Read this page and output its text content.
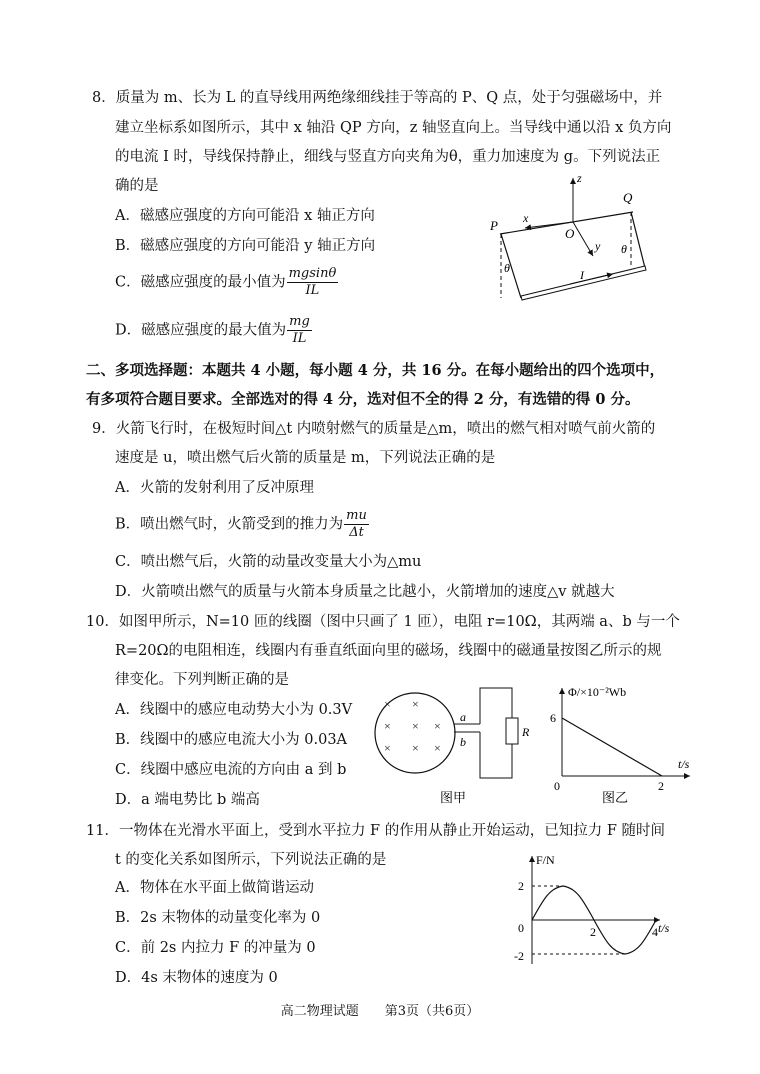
8．质量为 m、长为 L 的直导线用两绝缘细线挂于等高的 P、Q 点，处于匀强磁场中，并
建立坐标系如图所示，其中 x 轴沿 QP 方向，z 轴竖直向上。当导线中通以沿 x 负方向
的电流 I 时，导线保持静止，细线与竖直方向夹角为θ，重力加速度为 g。下列说法正
确的是
A．磁感应强度的方向可能沿 x 轴正方向
B．磁感应强度的方向可能沿 y 轴正方向
C．磁感应强度的最小值为 $\frac{mgsin\theta}{IL}$
D．磁感应强度的最大值为 $\frac{mg}{IL}$
z
x
y
O
P
Q
I
θ
θ
二、多项选择题：本题共 4 小题，每小题 4 分，共 16 分。在每小题给出的四个选项中，
有多项符合题目要求。全部选对的得 4 分，选对但不全的得 2 分，有选错的得 0 分。
9．火箭飞行时，在极短时间△t 内喷射燃气的质量是△m，喷出的燃气相对喷气前火箭的
速度是 u，喷出燃气后火箭的质量是 m，下列说法正确的是
A．火箭的发射利用了反冲原理
B．喷出燃气时，火箭受到的推力为 $\frac{mu}{\Delta t}$
C．喷出燃气后，火箭的动量改变量大小为△mu
D．火箭喷出燃气的质量与火箭本身质量之比越小，火箭增加的速度△v 就越大
10．如图甲所示，N=10 匝的线圈（图中只画了 1 匝），电阻 r=10Ω，其两端 a、b 与一个
R=20Ω的电阻相连，线圈内有垂直纸面向里的磁场，线圈中的磁通量按图乙所示的规
律变化。下列判断正确的是
A．线圈中的感应电动势大小为 0.3V
B．线圈中的感应电流大小为 0.03A
C．线圈中感应电流的方向由 a 到 b
D．a 端电势比 b 端高
× ×
× × ×
× × ×
a
b
R
图甲
Φ/×10⁻²Wb
t/s
6
0	2
图乙
11．一物体在光滑水平面上，受到水平拉力 F 的作用从静止开始运动，已知拉力 F 随时间
t 的变化关系如图所示，下列说法正确的是
A．物体在水平面上做简谐运动
B．2s 末物体的动量变化率为 0
C．前 2s 内拉力 F 的冲量为 0
D．4s 末物体的速度为 0
F/N
t/s
2
0
-2
2	4
高二物理试题　　第3页（共6页）
